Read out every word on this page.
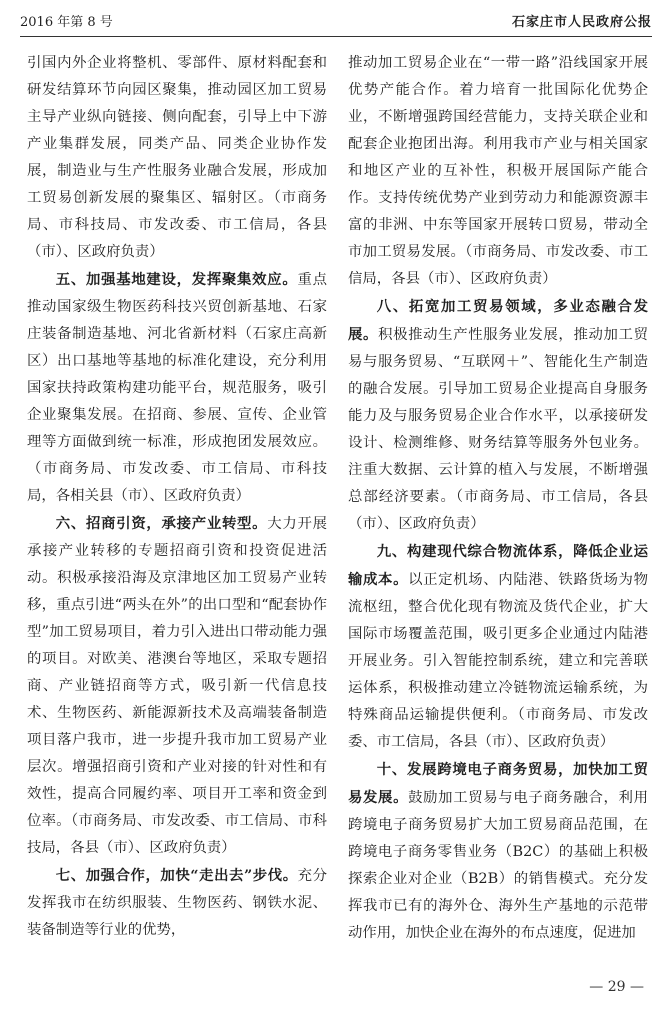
2016 年第 8 号	石家庄市人民政府公报

引国内外企业将整机、零部件、原材料配套和研发结算环节向园区聚集，推动园区加工贸易主导产业纵向链接、侧向配套，引导上中下游产业集群发展，同类产品、同类企业协作发展，制造业与生产性服务业融合发展，形成加工贸易创新发展的聚集区、辐射区。（市商务局、市科技局、市发改委、市工信局，各县（市）、区政府负责）

五、加强基地建设，发挥聚集效应。重点推动国家级生物医药科技兴贸创新基地、石家庄装备制造基地、河北省新材料（石家庄高新区）出口基地等基地的标准化建设，充分利用国家扶持政策构建功能平台，规范服务，吸引企业聚集发展。在招商、参展、宣传、企业管理等方面做到统一标准，形成抱团发展效应。（市商务局、市发改委、市工信局、市科技局，各相关县（市）、区政府负责）

六、招商引资，承接产业转型。大力开展承接产业转移的专题招商引资和投资促进活动。积极承接沿海及京津地区加工贸易产业转移，重点引进“两头在外”的出口型和“配套协作型”加工贸易项目，着力引入进出口带动能力强的项目。对欧美、港澳台等地区，采取专题招商、产业链招商等方式，吸引新一代信息技术、生物医药、新能源新技术及高端装备制造项目落户我市，进一步提升我市加工贸易产业层次。增强招商引资和产业对接的针对性和有效性，提高合同履约率、项目开工率和资金到位率。（市商务局、市发改委、市工信局、市科技局，各县（市）、区政府负责）

七、加强合作，加快“走出去”步伐。充分发挥我市在纺织服装、生物医药、钢铁水泥、装备制造等行业的优势，

推动加工贸易企业在“一带一路”沿线国家开展优势产能合作。着力培育一批国际化优势企业，不断增强跨国经营能力，支持关联企业和配套企业抱团出海。利用我市产业与相关国家和地区产业的互补性，积极开展国际产能合作。支持传统优势产业到劳动力和能源资源丰富的非洲、中东等国家开展转口贸易，带动全市加工贸易发展。（市商务局、市发改委、市工信局，各县（市）、区政府负责）

八、拓宽加工贸易领域，多业态融合发展。积极推动生产性服务业发展，推动加工贸易与服务贸易、“互联网＋”、智能化生产制造的融合发展。引导加工贸易企业提高自身服务能力及与服务贸易企业合作水平，以承接研发设计、检测维修、财务结算等服务外包业务。注重大数据、云计算的植入与发展，不断增强总部经济要素。（市商务局、市工信局，各县（市）、区政府负责）

九、构建现代综合物流体系，降低企业运输成本。以正定机场、内陆港、铁路货场为物流枢纽，整合优化现有物流及货代企业，扩大国际市场覆盖范围，吸引更多企业通过内陆港开展业务。引入智能控制系统，建立和完善联运体系，积极推动建立冷链物流运输系统，为特殊商品运输提供便利。（市商务局、市发改委、市工信局，各县（市）、区政府负责）

十、发展跨境电子商务贸易，加快加工贸易发展。鼓励加工贸易与电子商务融合，利用跨境电子商务贸易扩大加工贸易商品范围，在跨境电子商务零售业务（B2C）的基础上积极探索企业对企业（B2B）的销售模式。充分发挥我市已有的海外仓、海外生产基地的示范带动作用，加快企业在海外的布点速度，促进加

— 29 —
